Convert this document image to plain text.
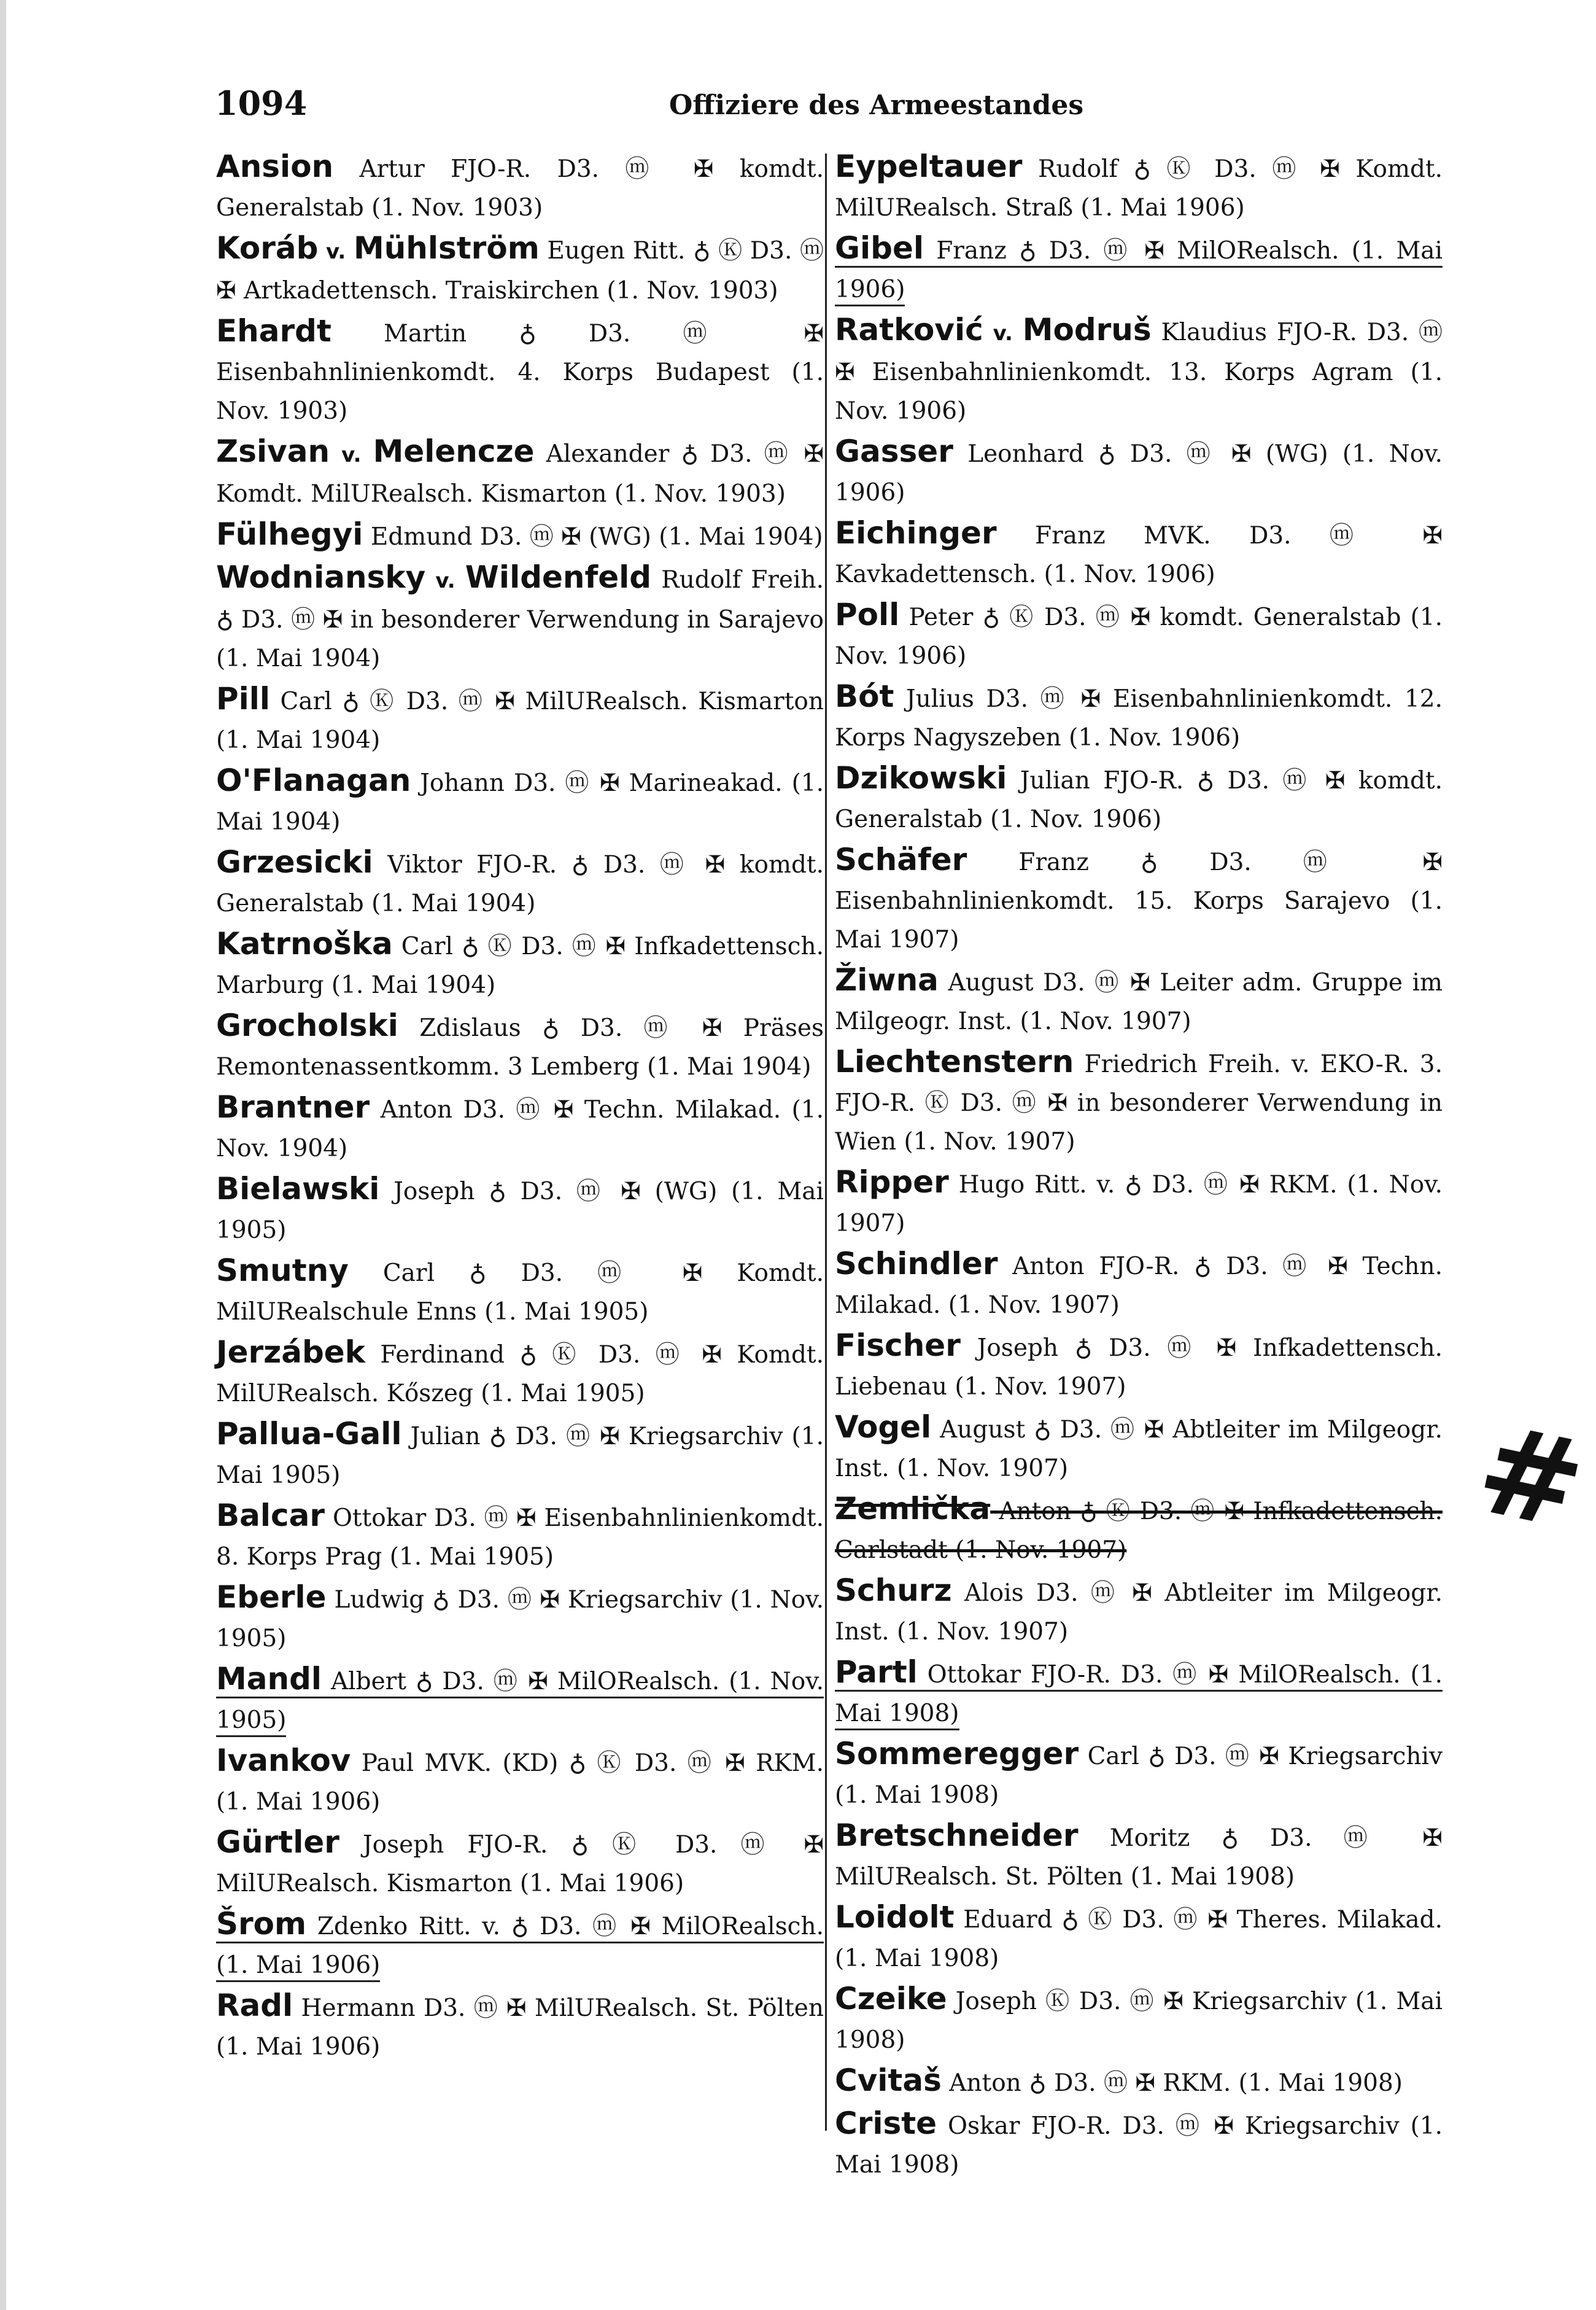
1094	Offiziere des Armeestandes
Ansion Artur FJO-R. D3. ⓜ ✠ komdt. Generalstab (1. Nov. 1903)
Koráb v. Mühlström Eugen Ritt. ♁ Ⓚ D3. ⓜ ✠ Artkadettensch. Traiskirchen (1. Nov. 1903)
Ehardt Martin ♁ D3. ⓜ ✠ Eisenbahnlinienkomdt. 4. Korps Budapest (1. Nov. 1903)
Zsivan v. Melencze Alexander ♁ D3. ⓜ ✠ Komdt. MilURealsch. Kismarton (1. Nov. 1903)
Fülhegyi Edmund D3. ⓜ ✠ (WG) (1. Mai 1904)
Wodniansky v. Wildenfeld Rudolf Freih. ♁ D3. ⓜ ✠ in besonderer Verwendung in Sarajevo (1. Mai 1904)
Pill Carl ♁ Ⓚ D3. ⓜ ✠ MilURealsch. Kismarton (1. Mai 1904)
O'Flanagan Johann D3. ⓜ ✠ Marineakad. (1. Mai 1904)
Grzesicki Viktor FJO-R. ♁ D3. ⓜ ✠ komdt. Generalstab (1. Mai 1904)
Katrnoška Carl ♁ Ⓚ D3. ⓜ ✠ Infkadettensch. Marburg (1. Mai 1904)
Grocholski Zdislaus ♁ D3. ⓜ ✠ Präses Remontenassentkomm. 3 Lemberg (1. Mai 1904)
Brantner Anton D3. ⓜ ✠ Techn. Milakad. (1. Nov. 1904)
Bielawski Joseph ♁ D3. ⓜ ✠ (WG) (1. Mai 1905)
Smutny Carl ♁ D3. ⓜ ✠ Komdt. MilURealschule Enns (1. Mai 1905)
Jerzábek Ferdinand ♁ Ⓚ D3. ⓜ ✠ Komdt. MilURealsch. Kőszeg (1. Mai 1905)
Pallua-Gall Julian ♁ D3. ⓜ ✠ Kriegsarchiv (1. Mai 1905)
Balcar Ottokar D3. ⓜ ✠ Eisenbahnlinienkomdt. 8. Korps Prag (1. Mai 1905)
Eberle Ludwig ♁ D3. ⓜ ✠ Kriegsarchiv (1. Nov. 1905)
Mandl Albert ♁ D3. ⓜ ✠ MilORealsch. (1. Nov. 1905)
Ivankov Paul MVK. (KD) ♁ Ⓚ D3. ⓜ ✠ RKM. (1. Mai 1906)
Gürtler Joseph FJO-R. ♁ Ⓚ D3. ⓜ ✠ MilURealsch. Kismarton (1. Mai 1906)
Šrom Zdenko Ritt. v. ♁ D3. ⓜ ✠ MilORealsch. (1. Mai 1906)
Radl Hermann D3. ⓜ ✠ MilURealsch. St. Pölten (1. Mai 1906)
Eypeltauer Rudolf ♁ Ⓚ D3. ⓜ ✠ Komdt. MilURealsch. Straß (1. Mai 1906)
Gibel Franz ♁ D3. ⓜ ✠ MilORealsch. (1. Mai 1906)
Ratković v. Modruš Klaudius FJO-R. D3. ⓜ ✠ Eisenbahnlinienkomdt. 13. Korps Agram (1. Nov. 1906)
Gasser Leonhard ♁ D3. ⓜ ✠ (WG) (1. Nov. 1906)
Eichinger Franz MVK. D3. ⓜ ✠ Kavkadettensch. (1. Nov. 1906)
Poll Peter ♁ Ⓚ D3. ⓜ ✠ komdt. Generalstab (1. Nov. 1906)
Bót Julius D3. ⓜ ✠ Eisenbahnlinienkomdt. 12. Korps Nagyszeben (1. Nov. 1906)
Dzikowski Julian FJO-R. ♁ D3. ⓜ ✠ komdt. Generalstab (1. Nov. 1906)
Schäfer Franz ♁ D3. ⓜ ✠ Eisenbahnlinienkomdt. 15. Korps Sarajevo (1. Mai 1907)
Žiwna August D3. ⓜ ✠ Leiter adm. Gruppe im Milgeogr. Inst. (1. Nov. 1907)
Liechtenstern Friedrich Freih. v. EKO-R. 3. FJO-R. Ⓚ D3. ⓜ ✠ in besonderer Verwendung in Wien (1. Nov. 1907)
Ripper Hugo Ritt. v. ♁ D3. ⓜ ✠ RKM. (1. Nov. 1907)
Schindler Anton FJO-R. ♁ D3. ⓜ ✠ Techn. Milakad. (1. Nov. 1907)
Fischer Joseph ♁ D3. ⓜ ✠ Infkadettensch. Liebenau (1. Nov. 1907)
Vogel August ♁ D3. ⓜ ✠ Abtleiter im Milgeogr. Inst. (1. Nov. 1907)
Zemlička Anton ♁ Ⓚ D3. ⓜ ✠ Infkadettensch. Carlstadt (1. Nov. 1907)
Schurz Alois D3. ⓜ ✠ Abtleiter im Milgeogr. Inst. (1. Nov. 1907)
Partl Ottokar FJO-R. D3. ⓜ ✠ MilORealsch. (1. Mai 1908)
Sommeregger Carl ♁ D3. ⓜ ✠ Kriegsarchiv (1. Mai 1908)
Bretschneider Moritz ♁ D3. ⓜ ✠ MilURealsch. St. Pölten (1. Mai 1908)
Loidolt Eduard ♁ Ⓚ D3. ⓜ ✠ Theres. Milakad. (1. Mai 1908)
Czeike Joseph Ⓚ D3. ⓜ ✠ Kriegsarchiv (1. Mai 1908)
Cvitaš Anton ♁ D3. ⓜ ✠ RKM. (1. Mai 1908)
Criste Oskar FJO-R. D3. ⓜ ✠ Kriegsarchiv (1. Mai 1908)
#
